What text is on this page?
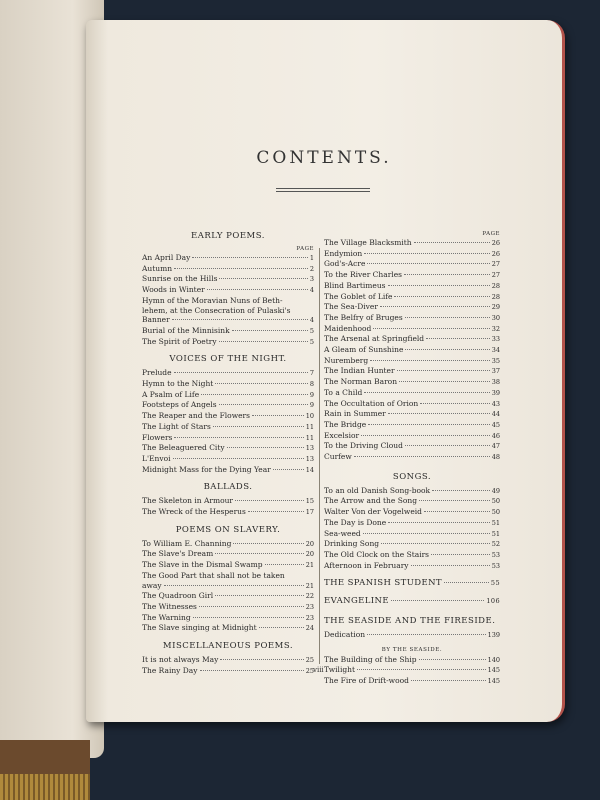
CONTENTS.
EARLY POEMS.
PAGE
An April Day	1
Autumn	2
Sunrise on the Hills	3
Woods in Winter	4
Hymn of the Moravian Nuns of Beth-
lehem, at the Consecration of Pulaski's
Banner	4
Burial of the Minnisink	5
The Spirit of Poetry	5
VOICES OF THE NIGHT.
Prelude	7
Hymn to the Night	8
A Psalm of Life	9
Footsteps of Angels	9
The Reaper and the Flowers	10
The Light of Stars	11
Flowers	11
The Beleaguered City	13
L'Envoi	13
Midnight Mass for the Dying Year	14
BALLADS.
The Skeleton in Armour	15
The Wreck of the Hesperus	17
POEMS ON SLAVERY.
To William E. Channing	20
The Slave's Dream	20
The Slave in the Dismal Swamp	21
The Good Part that shall not be taken
away	21
The Quadroon Girl	22
The Witnesses	23
The Warning	23
The Slave singing at Midnight	24
MISCELLANEOUS POEMS.
It is not always May	25
The Rainy Day	25
PAGE
The Village Blacksmith	26
Endymion	26
God's-Acre	27
To the River Charles	27
Blind Bartimeus	28
The Goblet of Life	28
The Sea-Diver	29
The Belfry of Bruges	30
Maidenhood	32
The Arsenal at Springfield	33
A Gleam of Sunshine	34
Nuremberg	35
The Indian Hunter	37
The Norman Baron	38
To a Child	39
The Occultation of Orion	43
Rain in Summer	44
The Bridge	45
Excelsior	46
To the Driving Cloud	47
Curfew	48
SONGS.
To an old Danish Song-book	49
The Arrow and the Song	50
Walter Von der Vogelweid	50
The Day is Done	51
Sea-weed	51
Drinking Song	52
The Old Clock on the Stairs	53
Afternoon in February	53
THE SPANISH STUDENT	55
EVANGELINE	106
THE SEASIDE AND THE FIRESIDE.
Dedication	139
BY THE SEASIDE.
The Building of the Ship	140
Twilight	145
The Fire of Drift-wood	145
viii
